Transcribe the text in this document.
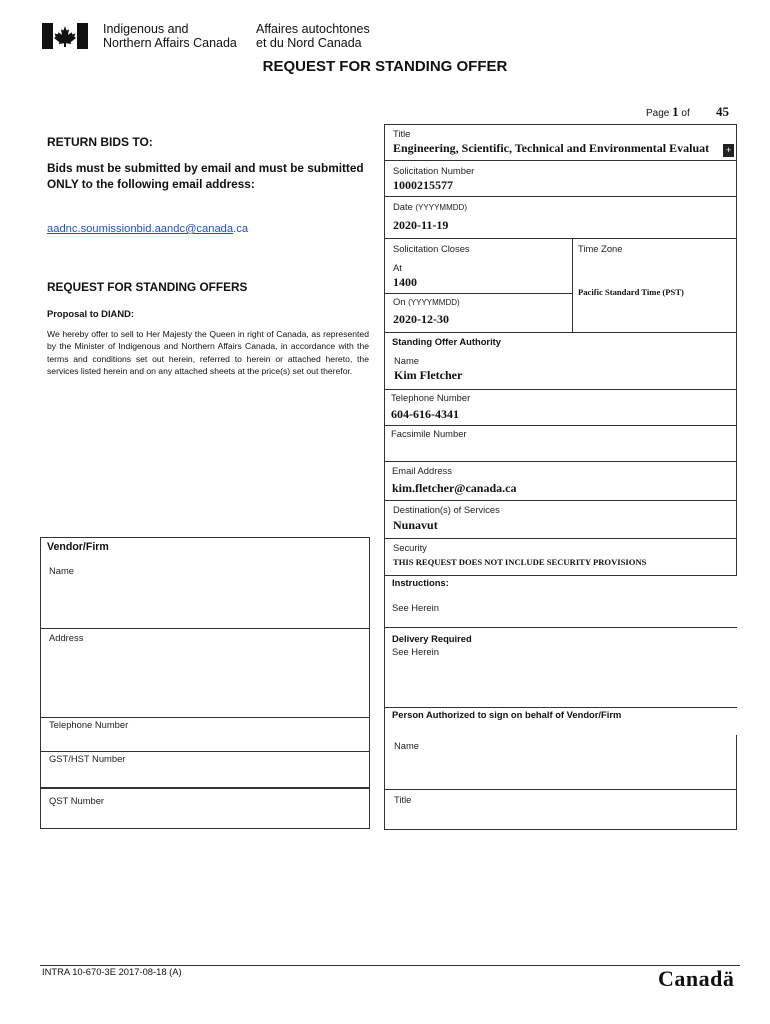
Indigenous and
Northern Affairs Canada
Affaires autochtones
et du Nord Canada
REQUEST FOR STANDING OFFER
Page 1 of 45
RETURN BIDS TO:
Bids must be submitted by email and must be submitted ONLY to the following email address:
aadnc.soumissionbid.aandc@canada.ca
REQUEST FOR STANDING OFFERS
Proposal to DIAND:
We hereby offer to sell to Her Majesty the Queen in right of Canada, as represented by the Minister of Indigenous and Northern Affairs Canada, in accordance with the terms and conditions set out herein, referred to herein or attached hereto, the services listed herein and on any attached sheets at the price(s) set out therefor.
Vendor/Firm
Name
Address
Telephone Number
GST/HST Number
QST Number
Title
Engineering, Scientific, Technical and Environmental Evaluat	+
Solicitation Number
1000215577
Date (YYYYMMDD)
2020-11-19
Solicitation Closes	Time Zone
At
1400
Pacific Standard Time (PST)
On (YYYYMMDD)
2020-12-30
Standing Offer Authority
Name
Kim Fletcher
Telephone Number
604-616-4341
Facsimile Number
Email Address
kim.fletcher@canada.ca
Destination(s) of Services
Nunavut
Security
THIS REQUEST DOES NOT INCLUDE SECURITY PROVISIONS
Instructions:
See Herein
Delivery Required
See Herein
Person Authorized to sign on behalf of Vendor/Firm
Name
Title
INTRA 10-670-3E 2017-08-18 (A)	Canadä
